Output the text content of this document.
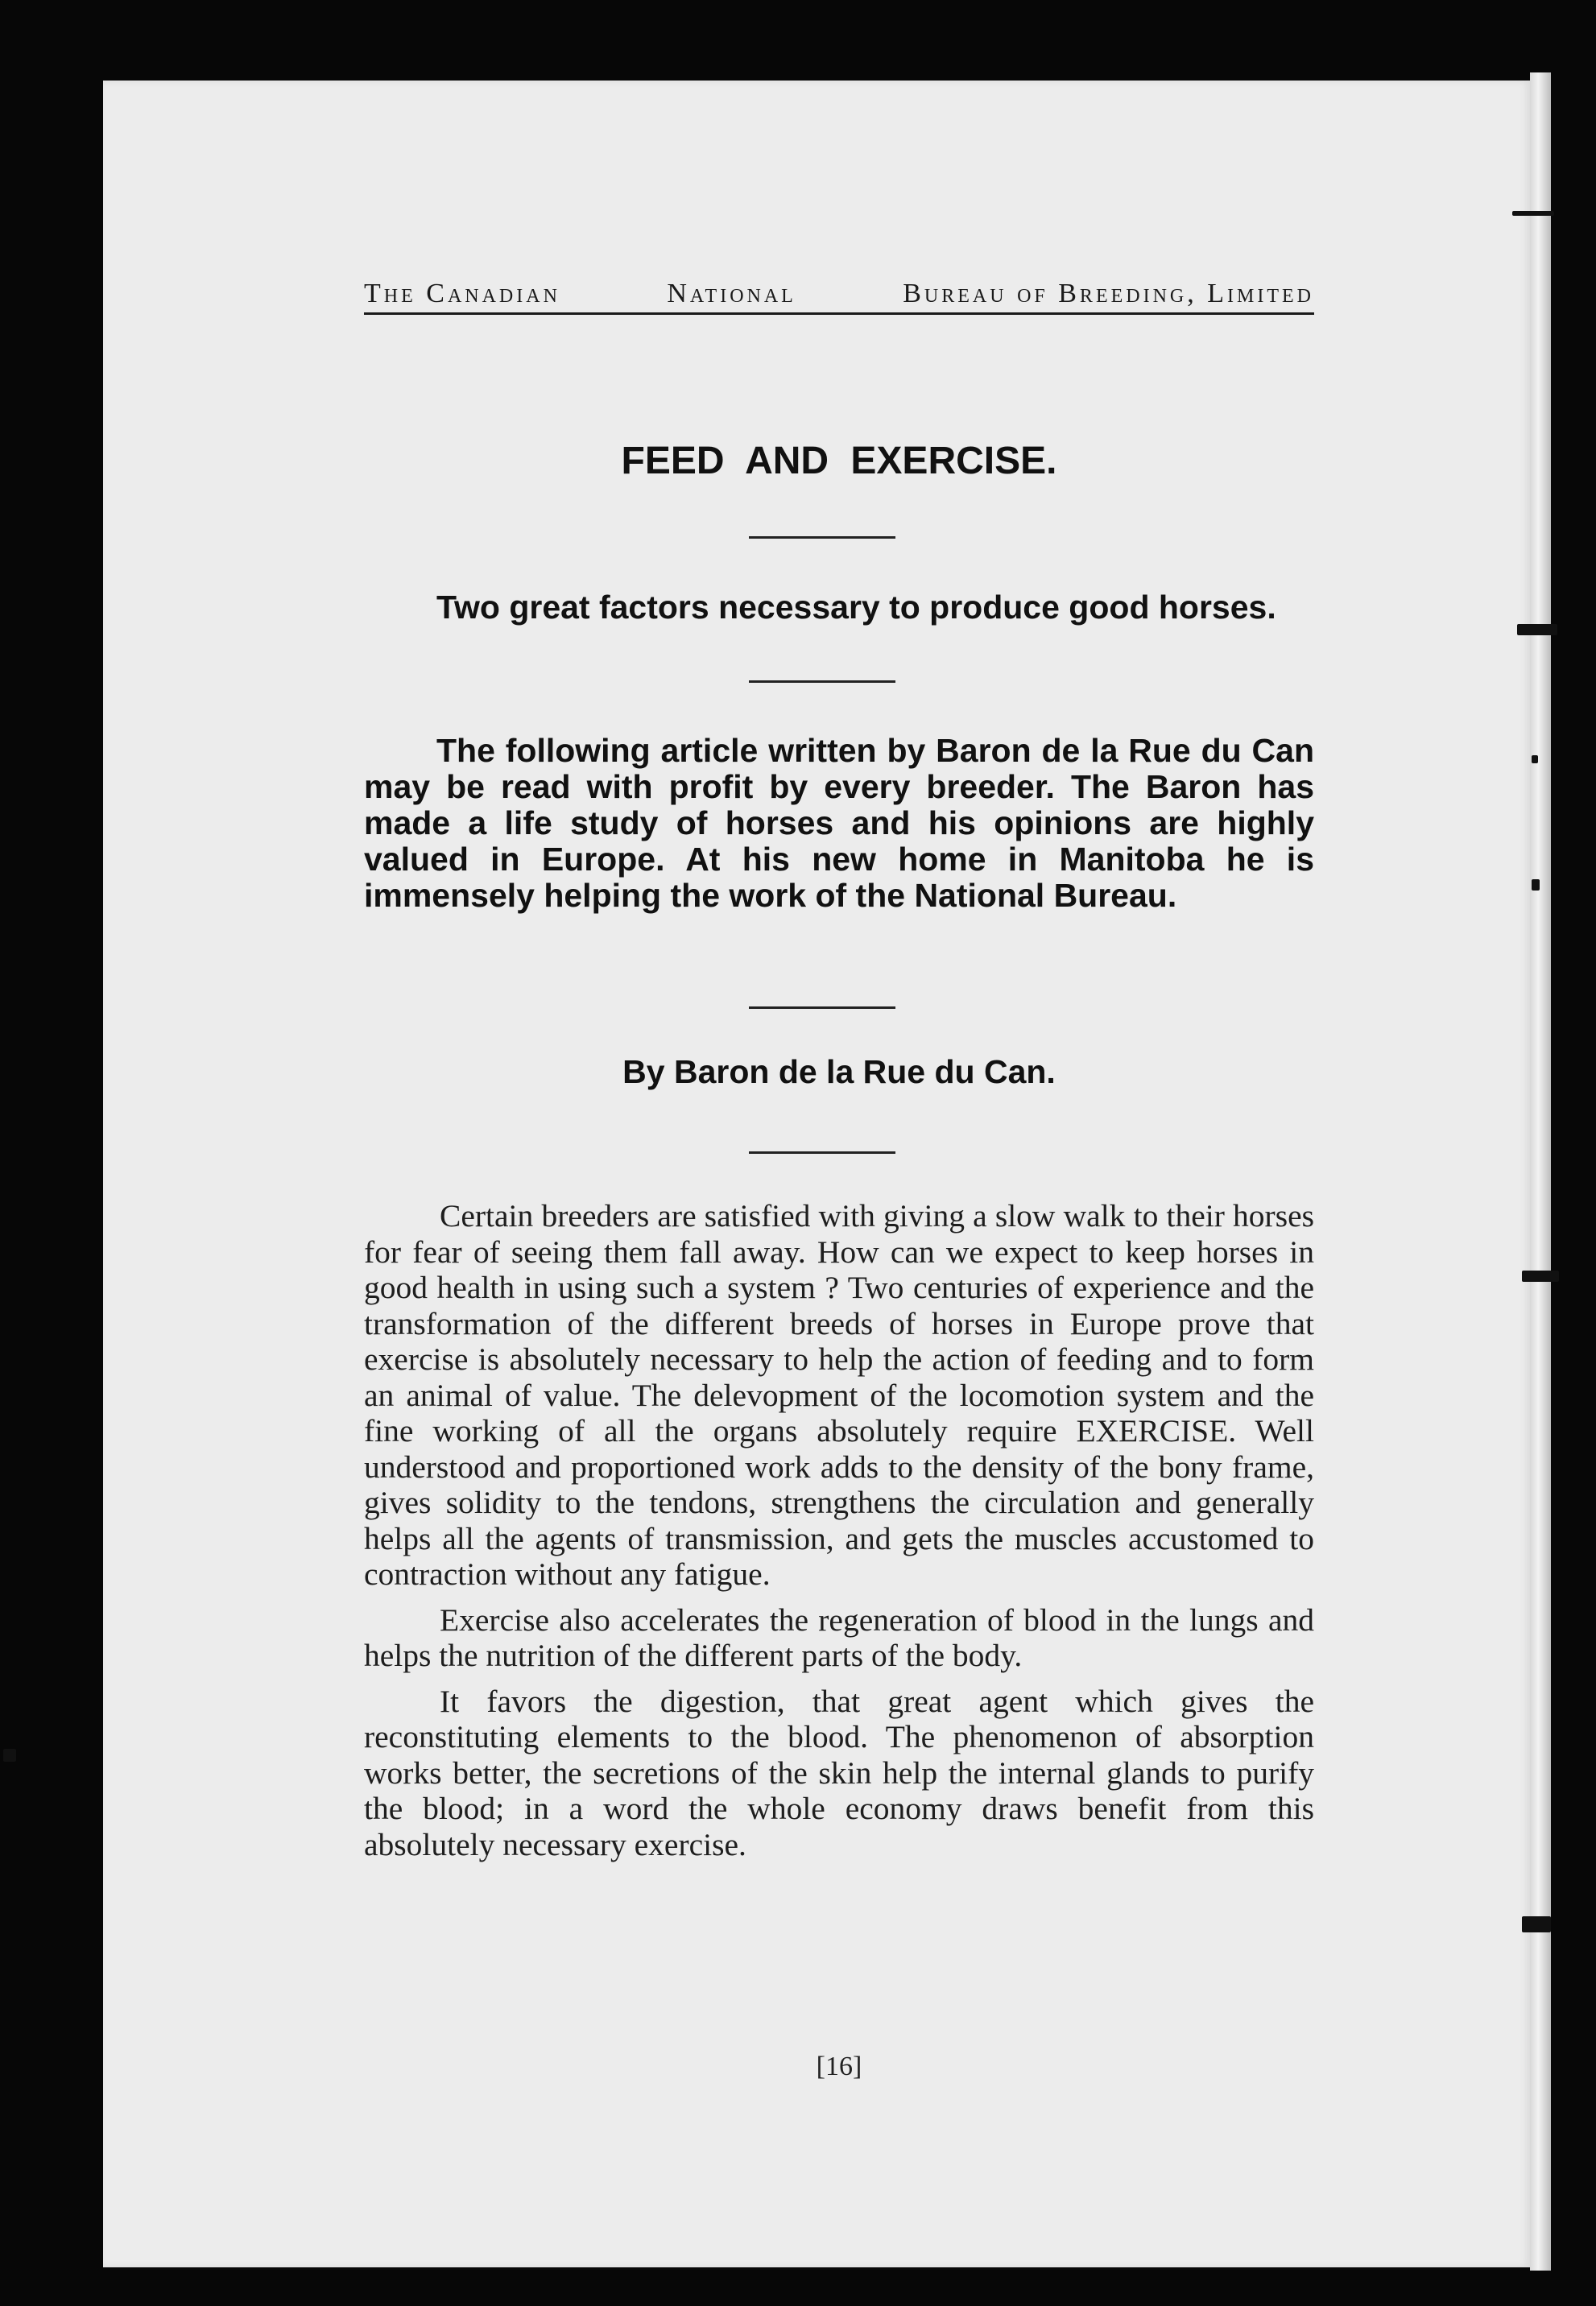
The Canadian	National	Bureau of Breeding, Limited
FEED AND EXERCISE.
Two great factors necessary to produce good horses.
The following article written by Baron de la Rue du Can may be read with profit by every breeder. The Baron has made a life study of horses and his opinions are highly valued in Europe. At his new home in Manitoba he is immensely helping the work of the National Bureau.
By Baron de la Rue du Can.

Certain breeders are satisfied with giving a slow walk to their horses for fear of seeing them fall away. How can we expect to keep horses in good health in using such a system ? Two centuries of experience and the transformation of the different breeds of horses in Europe prove that exercise is absolutely necessary to help the action of feeding and to form an animal of value. The delevopment of the locomotion system and the fine working of all the organs absolutely require EXERCISE. Well understood and proportioned work adds to the density of the bony frame, gives solidity to the tendons, strengthens the circulation and generally helps all the agents of transmission, and gets the muscles accustomed to contraction without any fatigue.

Exercise also accelerates the regeneration of blood in the lungs and helps the nutrition of the different parts of the body.

It favors the digestion, that great agent which gives the reconstituting elements to the blood. The phenomenon of absorption works better, the secretions of the skin help the internal glands to purify the blood; in a word the whole economy draws benefit from this absolutely necessary exercise.

[16]
